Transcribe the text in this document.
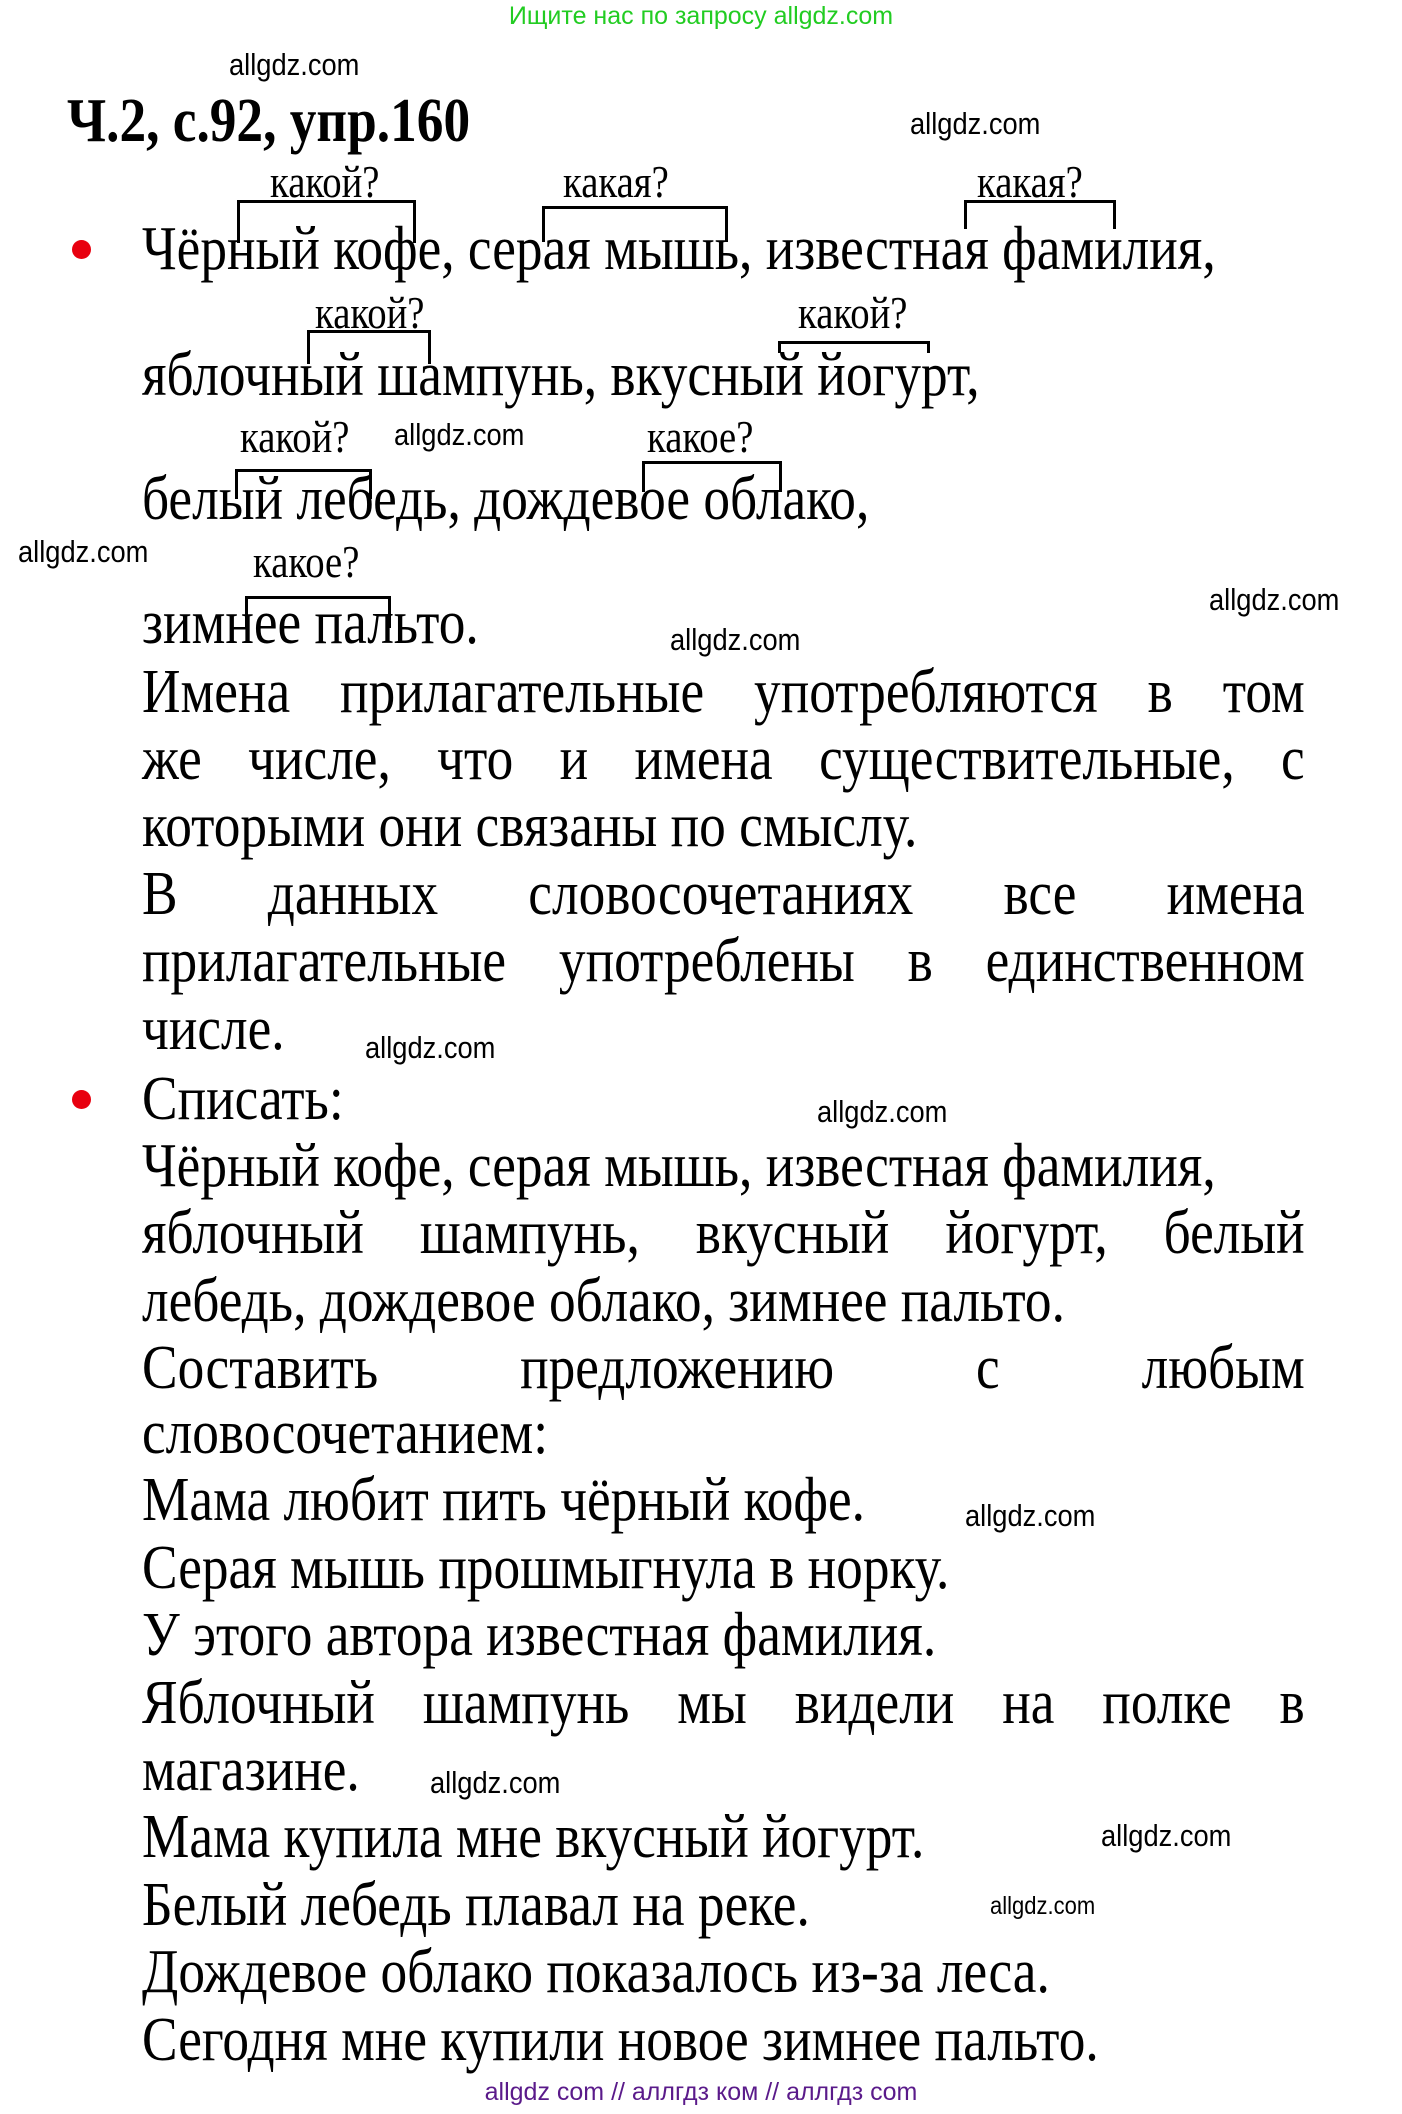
Ищите нас по запросу allgdz.com
Ч.2, с.92, упр.160
какой?	какая?	какая?
какой?	какой?
какой?	какое?
какое?
Чёрный кофе, серая мышь, известная фамилия,
яблочный шампунь, вкусный йогурт,
белый лебедь, дождевое облако,
зимнее пальто.
Имена прилагательные употребляются в том
же числе, что и имена существительные, с
которыми они связаны по смыслу.
В данных словосочетаниях все имена
прилагательные употреблены в единственном
числе.
Списать:
Чёрный кофе, серая мышь, известная фамилия,
яблочный шампунь, вкусный йогурт, белый
лебедь, дождевое облако, зимнее пальто.
Составить предложению с любым
словосочетанием:
Мама любит пить чёрный кофе.
Серая мышь прошмыгнула в норку.
У этого автора известная фамилия.
Яблочный шампунь мы видели на полке в
магазине.
Мама купила мне вкусный йогурт.
Белый лебедь плавал на реке.
Дождевое облако показалось из-за леса.
Сегодня мне купили новое зимнее пальто.
allgdz.com
allgdz.com
allgdz.com
allgdz.com
allgdz.com
allgdz.com
allgdz.com
allgdz.com
allgdz.com
allgdz.com
allgdz.com
allgdz.com
allgdz com // аллгдз ком // аллгдз com
